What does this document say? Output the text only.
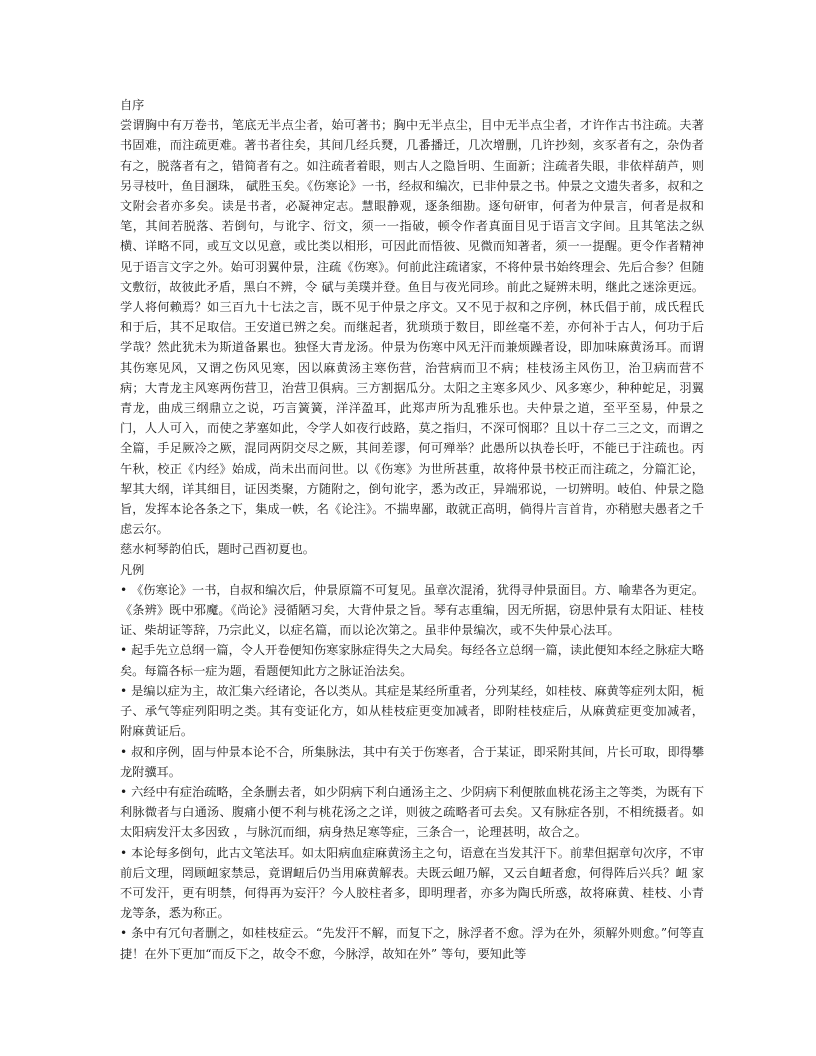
自序

尝谓胸中有万卷书，笔底无半点尘者，始可著书；胸中无半点尘，目中无半点尘者，才许作古书注疏。夫著书固难，而注疏更难。著书者往矣，其间几经兵燹，几番播迁，几次增删，几许抄刻，亥豕者有之，杂伪者有之，脱落者有之，错简者有之。如注疏者着眼，则古人之隐旨明、生面新；注疏者失眼，非依样葫芦，则另寻枝叶，鱼目溷珠， 碔胜玉矣。《伤寒论》一书，经叔和编次，已非仲景之书。仲景之文遗失者多，叔和之文附会者亦多矣。读是书者，必凝神定志。慧眼静观，逐条细勘。逐句研审，何者为仲景言，何者是叔和笔，其间若脱落、若倒句，与讹字、衍文，须一一指破，顿令作者真面目见于语言文字间。且其笔法之纵横、详略不同，或互文以见意，或比类以相形，可因此而悟彼、见微而知著者，须一一提醒。更令作者精神见于语言文字之外。始可羽翼仲景，注疏《伤寒》。何前此注疏诸家，不将仲景书始终理会、先后合参？但随文敷衍，故彼此矛盾，黑白不辨，令 碔与美璞并登。鱼目与夜光同珍。前此之疑辨未明，继此之迷涂更远。学人将何赖焉？如三百九十七法之言，既不见于仲景之序文。又不见于叔和之序例，林氏倡于前，成氏程氏和于后，其不足取信。王安道已辨之矣。而继起者，犹琐琐于数目，即丝毫不差，亦何补于古人，何功于后学哉？然此犹未为斯道备累也。独怪大青龙汤。仲景为伤寒中风无汗而兼烦躁者设，即加味麻黄汤耳。而谓其伤寒见风，又谓之伤风见寒，因以麻黄汤主寒伤营，治营病而卫不病；桂枝汤主风伤卫，治卫病而营不病；大青龙主风寒两伤营卫，治营卫俱病。三方割据瓜分。太阳之主寒多风少、风多寒少，种种蛇足，羽翼青龙，曲成三纲鼎立之说，巧言簧簧，洋洋盈耳，此郑声所为乱雅乐也。夫仲景之道，至平至易，仲景之门，人人可入，而使之茅塞如此，令学人如夜行歧路，莫之指归，不深可悯耶？且以十存二三之文，而谓之全篇，手足厥冷之厥，混同两阴交尽之厥，其间差谬，何可殚举？此愚所以执卷长吁，不能已于注疏也。丙午秋，校正《内经》始成，尚未出而问世。以《伤寒》为世所甚重，故将仲景书校正而注疏之，分篇汇论，挈其大纲，详其细目，证因类聚，方随附之，倒句讹字，悉为改正，异端邪说，一切辨明。岐伯、仲景之隐旨，发挥本论各条之下，集成一帙，名《论注》。不揣卑鄙，敢就正高明，倘得片言首肯，亦稍慰夫愚者之千虑云尔。

慈水柯琴韵伯氏，题时己酉初夏也。

凡例
• 《伤寒论》一书，自叔和编次后，仲景原篇不可复见。虽章次混淆，犹得寻仲景面目。方、喻辈各为更定。《条辨》既中邪魔。《尚论》浸循陋习矣，大背仲景之旨。琴有志重编，因无所据，窃思仲景有太阳证、桂枝证、柴胡证等辞，乃宗此义，以症名篇，而以论次第之。虽非仲景编次，或不失仲景心法耳。
• 起手先立总纲一篇，令人开卷便知伤寒家脉症得失之大局矣。每经各立总纲一篇，读此便知本经之脉症大略矣。每篇各标一症为题，看题便知此方之脉证治法矣。
• 是编以症为主，故汇集六经诸论，各以类从。其症是某经所重者，分列某经，如桂枝、麻黄等症列太阳，栀子、承气等症列阳明之类。其有变证化方，如从桂枝症更变加减者，即附桂枝症后，从麻黄症更变加减者，附麻黄证后。
• 叔和序例，固与仲景本论不合，所集脉法，其中有关于伤寒者，合于某证，即采附其间，片长可取，即得攀龙附骥耳。
• 六经中有症治疏略，全条删去者，如少阴病下利白通汤主之、少阴病下利便脓血桃花汤主之等类，为既有下利脉微者与白通汤、腹痛小便不利与桃花汤之之详，则彼之疏略者可去矣。又有脉症各别，不相统摄者。如太阳病发汗太多因致 ，与脉沉而细，病身热足寒等症，三条合一，论理甚明，故合之。
• 本论每多倒句，此古文笔法耳。如太阳病血症麻黄汤主之句，语意在当发其汗下。前辈但据章句次序，不审前后文理，罔顾衄家禁忌，竟谓衄后仍当用麻黄解表。夫既云衄乃解，又云自衄者愈，何得阵后兴兵？衄 家不可发汗，更有明禁，何得再为妄汗？今人胶柱者多，即明理者，亦多为陶氏所惑，故将麻黄、桂枝、小青龙等条，悉为称正。
• 条中有冗句者删之，如桂枝症云。“先发汗不解，而复下之，脉浮者不愈。浮为在外，须解外则愈。”何等直捷！在外下更加“而反下之，故令不愈，今脉浮，故知在外” 等句，要知此等
